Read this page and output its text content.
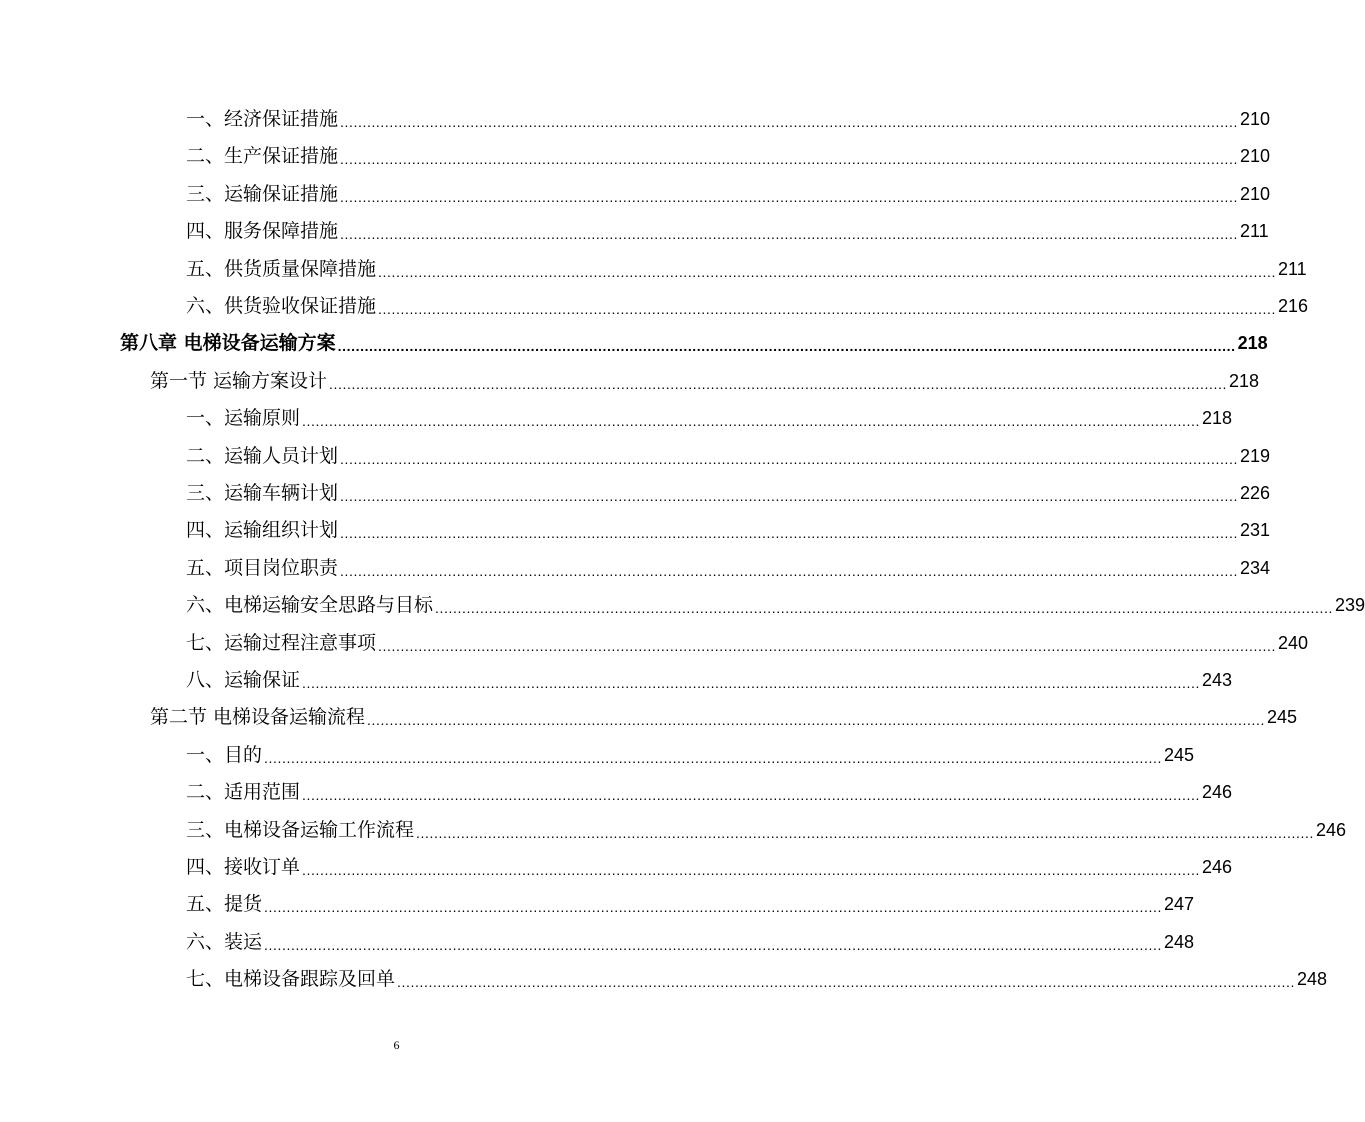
一、经济保证措施 ........................................................................................................................................................................................................ 210
二、生产保证措施 ........................................................................................................................................................................................................ 210
三、运输保证措施 ........................................................................................................................................................................................................ 210
四、服务保障措施 ........................................................................................................................................................................................................ 211
五、供货质量保障措施 ........................................................................................................................................................................................................ 211
六、供货验收保证措施 ........................................................................................................................................................................................................ 216
第八章 电梯设备运输方案 ........................................................................................................................................................................................................ 218
第一节 运输方案设计 ........................................................................................................................................................................................................ 218
一、运输原则 ........................................................................................................................................................................................................ 218
二、运输人员计划 ........................................................................................................................................................................................................ 219
三、运输车辆计划 ........................................................................................................................................................................................................ 226
四、运输组织计划 ........................................................................................................................................................................................................ 231
五、项目岗位职责 ........................................................................................................................................................................................................ 234
六、电梯运输安全思路与目标 ........................................................................................................................................................................................................ 239
七、运输过程注意事项 ........................................................................................................................................................................................................ 240
八、运输保证 ........................................................................................................................................................................................................ 243
第二节 电梯设备运输流程 ........................................................................................................................................................................................................ 245
一、目的 ........................................................................................................................................................................................................ 245
二、适用范围 ........................................................................................................................................................................................................ 246
三、电梯设备运输工作流程 ........................................................................................................................................................................................................ 246
四、接收订单 ........................................................................................................................................................................................................ 246
五、提货 ........................................................................................................................................................................................................ 247
六、装运 ........................................................................................................................................................................................................ 248
七、电梯设备跟踪及回单 ........................................................................................................................................................................................................ 248
6
